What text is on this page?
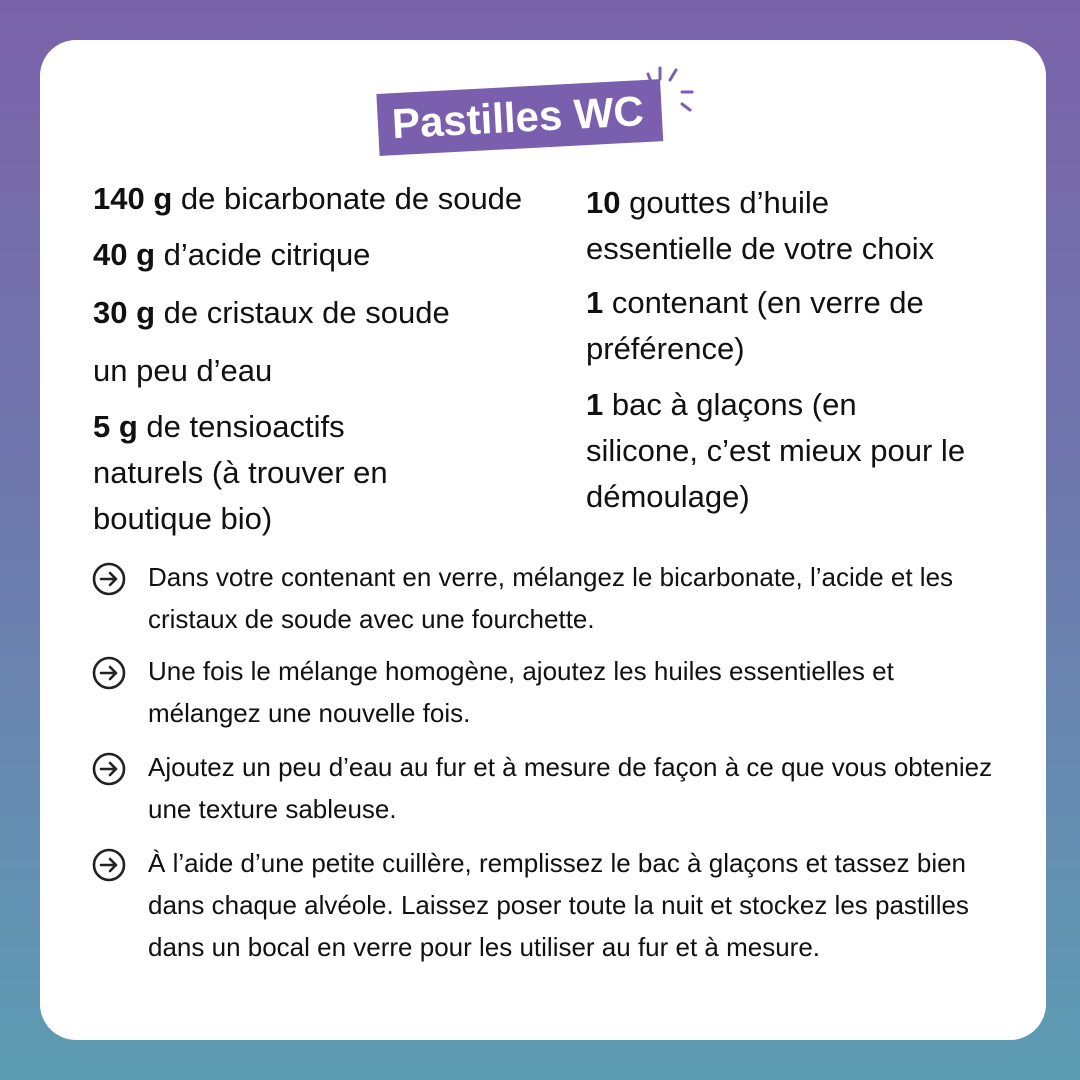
Pastilles WC
140 g de bicarbonate de soude
40 g d’acide citrique
30 g de cristaux de soude
un peu d’eau
5 g de tensioactifs naturels (à trouver en boutique bio)
10 gouttes d’huile essentielle de votre choix
1 contenant (en verre de préférence)
1 bac à glaçons (en silicone, c’est mieux pour le démoulage)
Dans votre contenant en verre, mélangez le bicarbonate, l’acide et les cristaux de soude avec une fourchette.
Une fois le mélange homogène, ajoutez les huiles essentielles et mélangez une nouvelle fois.
Ajoutez un peu d’eau au fur et à mesure de façon à ce que vous obteniez une texture sableuse.
À l’aide d’une petite cuillère, remplissez le bac à glaçons et tassez bien dans chaque alvéole. Laissez poser toute la nuit et stockez les pastilles dans un bocal en verre pour les utiliser au fur et à mesure.
